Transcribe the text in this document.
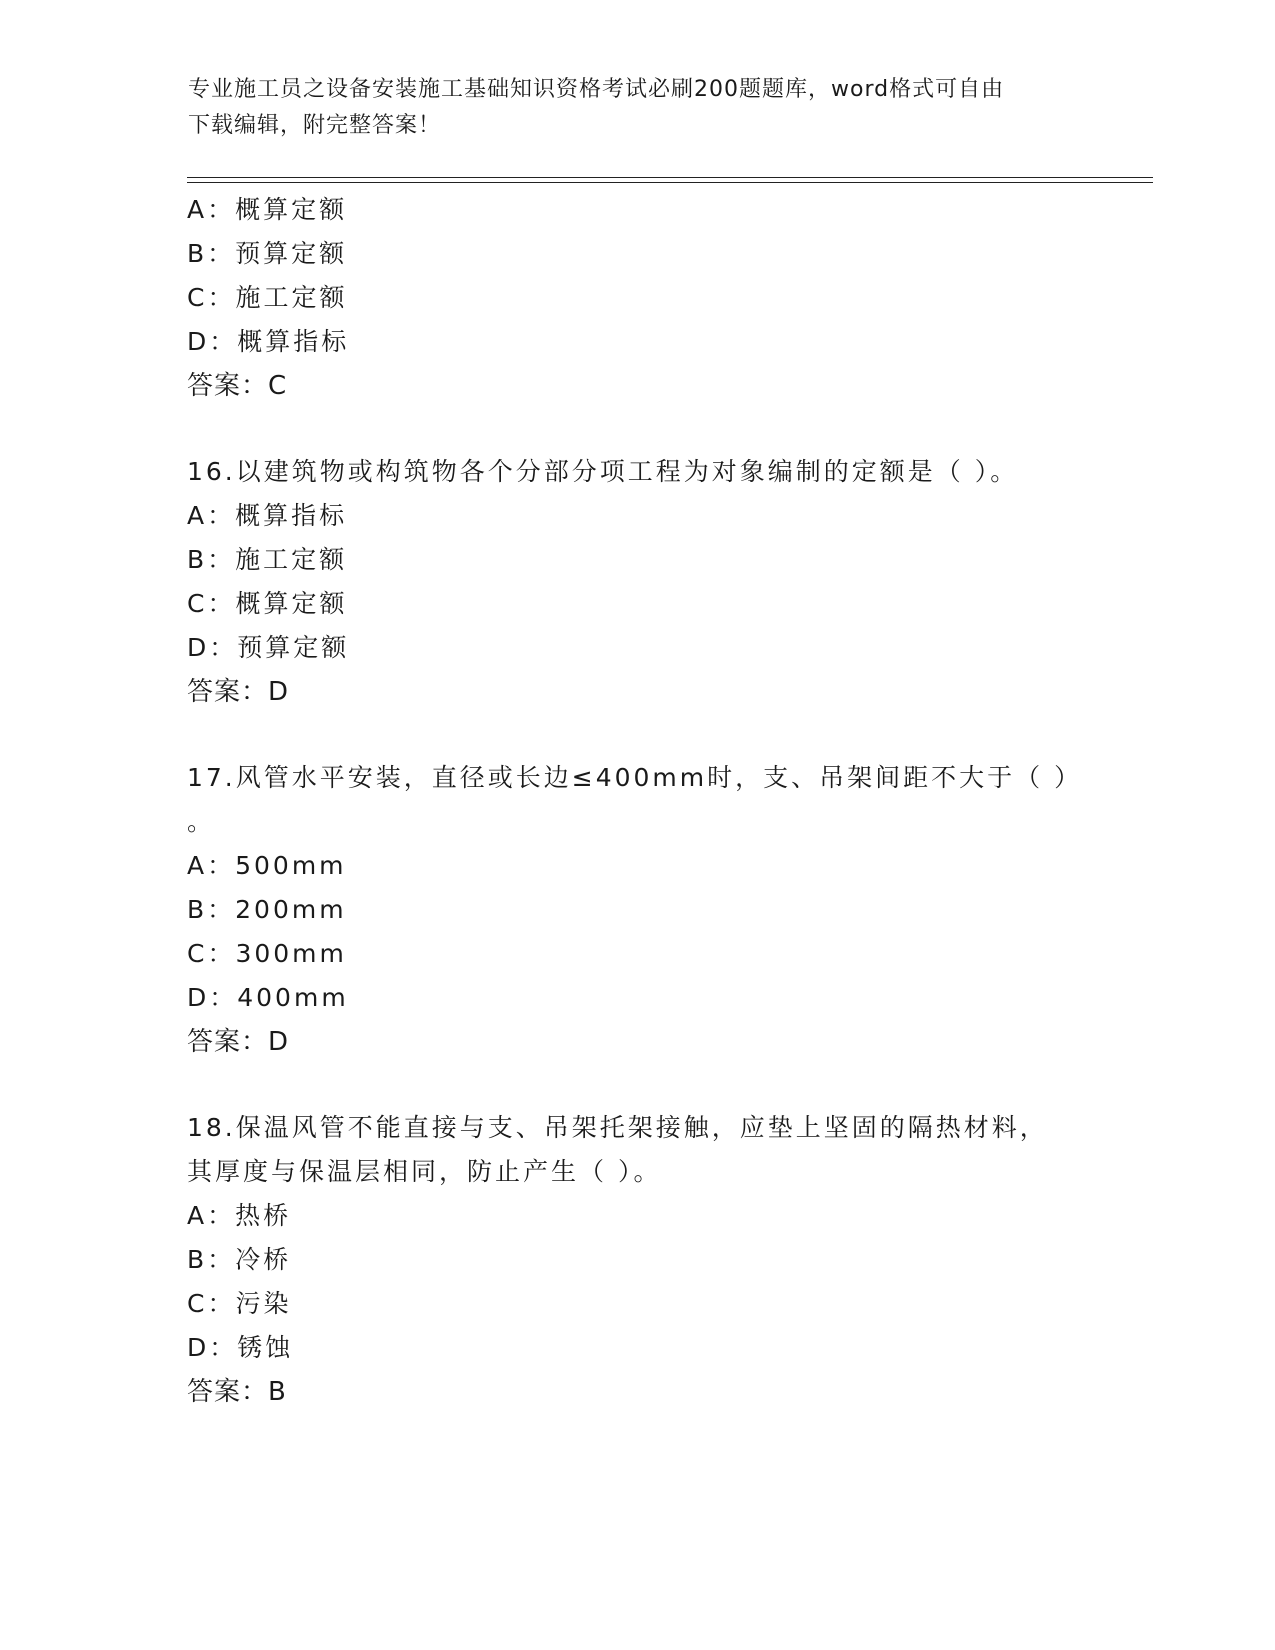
专业施工员之设备安装施工基础知识资格考试必刷200题题库，word格式可自由
下载编辑，附完整答案！
A：概算定额
B：预算定额
C：施工定额
D：概算指标
答案：C
16.以建筑物或构筑物各个分部分项工程为对象编制的定额是（ ）。
A：概算指标
B：施工定额
C：概算定额
D：预算定额
答案：D
17.风管水平安装，直径或长边≤400mm时，支、吊架间距不大于（ ）
。
A：500mm
B：200mm
C：300mm
D：400mm
答案：D
18.保温风管不能直接与支、吊架托架接触，应垫上坚固的隔热材料，
其厚度与保温层相同，防止产生（ ）。
A：热桥
B：冷桥
C：污染
D：锈蚀
答案：B
